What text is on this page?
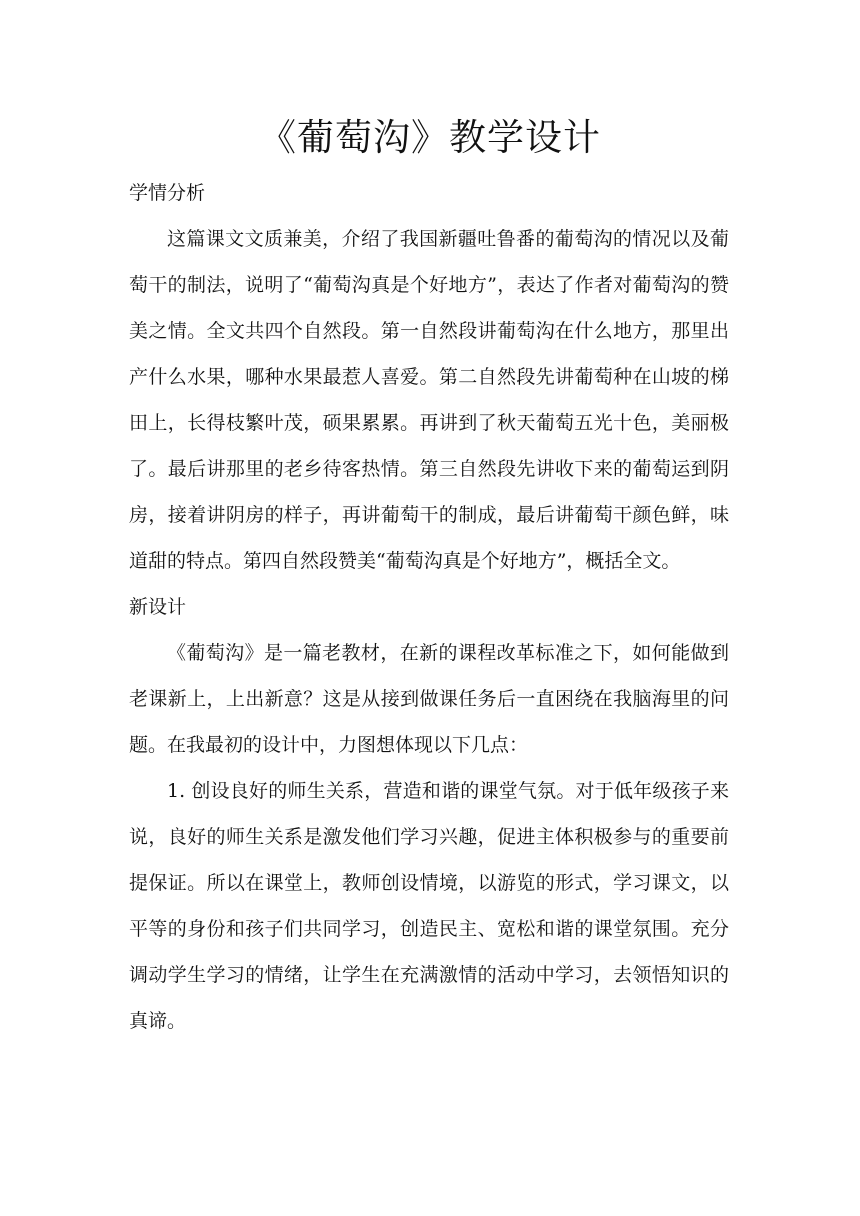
《葡萄沟》教学设计

学情分析

这篇课文文质兼美，介绍了我国新疆吐鲁番的葡萄沟的情况以及葡萄干的制法，说明了“葡萄沟真是个好地方”，表达了作者对葡萄沟的赞美之情。全文共四个自然段。第一自然段讲葡萄沟在什么地方，那里出产什么水果，哪种水果最惹人喜爱。第二自然段先讲葡萄种在山坡的梯田上，长得枝繁叶茂，硕果累累。再讲到了秋天葡萄五光十色，美丽极了。最后讲那里的老乡待客热情。第三自然段先讲收下来的葡萄运到阴房，接着讲阴房的样子，再讲葡萄干的制成，最后讲葡萄干颜色鲜，味道甜的特点。第四自然段赞美“葡萄沟真是个好地方”，概括全文。

新设计

《葡萄沟》是一篇老教材，在新的课程改革标准之下，如何能做到老课新上，上出新意？这是从接到做课任务后一直困绕在我脑海里的问题。在我最初的设计中，力图想体现以下几点：

1. 创设良好的师生关系，营造和谐的课堂气氛。对于低年级孩子来说，良好的师生关系是激发他们学习兴趣，促进主体积极参与的重要前提保证。所以在课堂上，教师创设情境，以游览的形式，学习课文，以平等的身份和孩子们共同学习，创造民主、宽松和谐的课堂氛围。充分调动学生学习的情绪，让学生在充满激情的活动中学习，去领悟知识的真谛。
